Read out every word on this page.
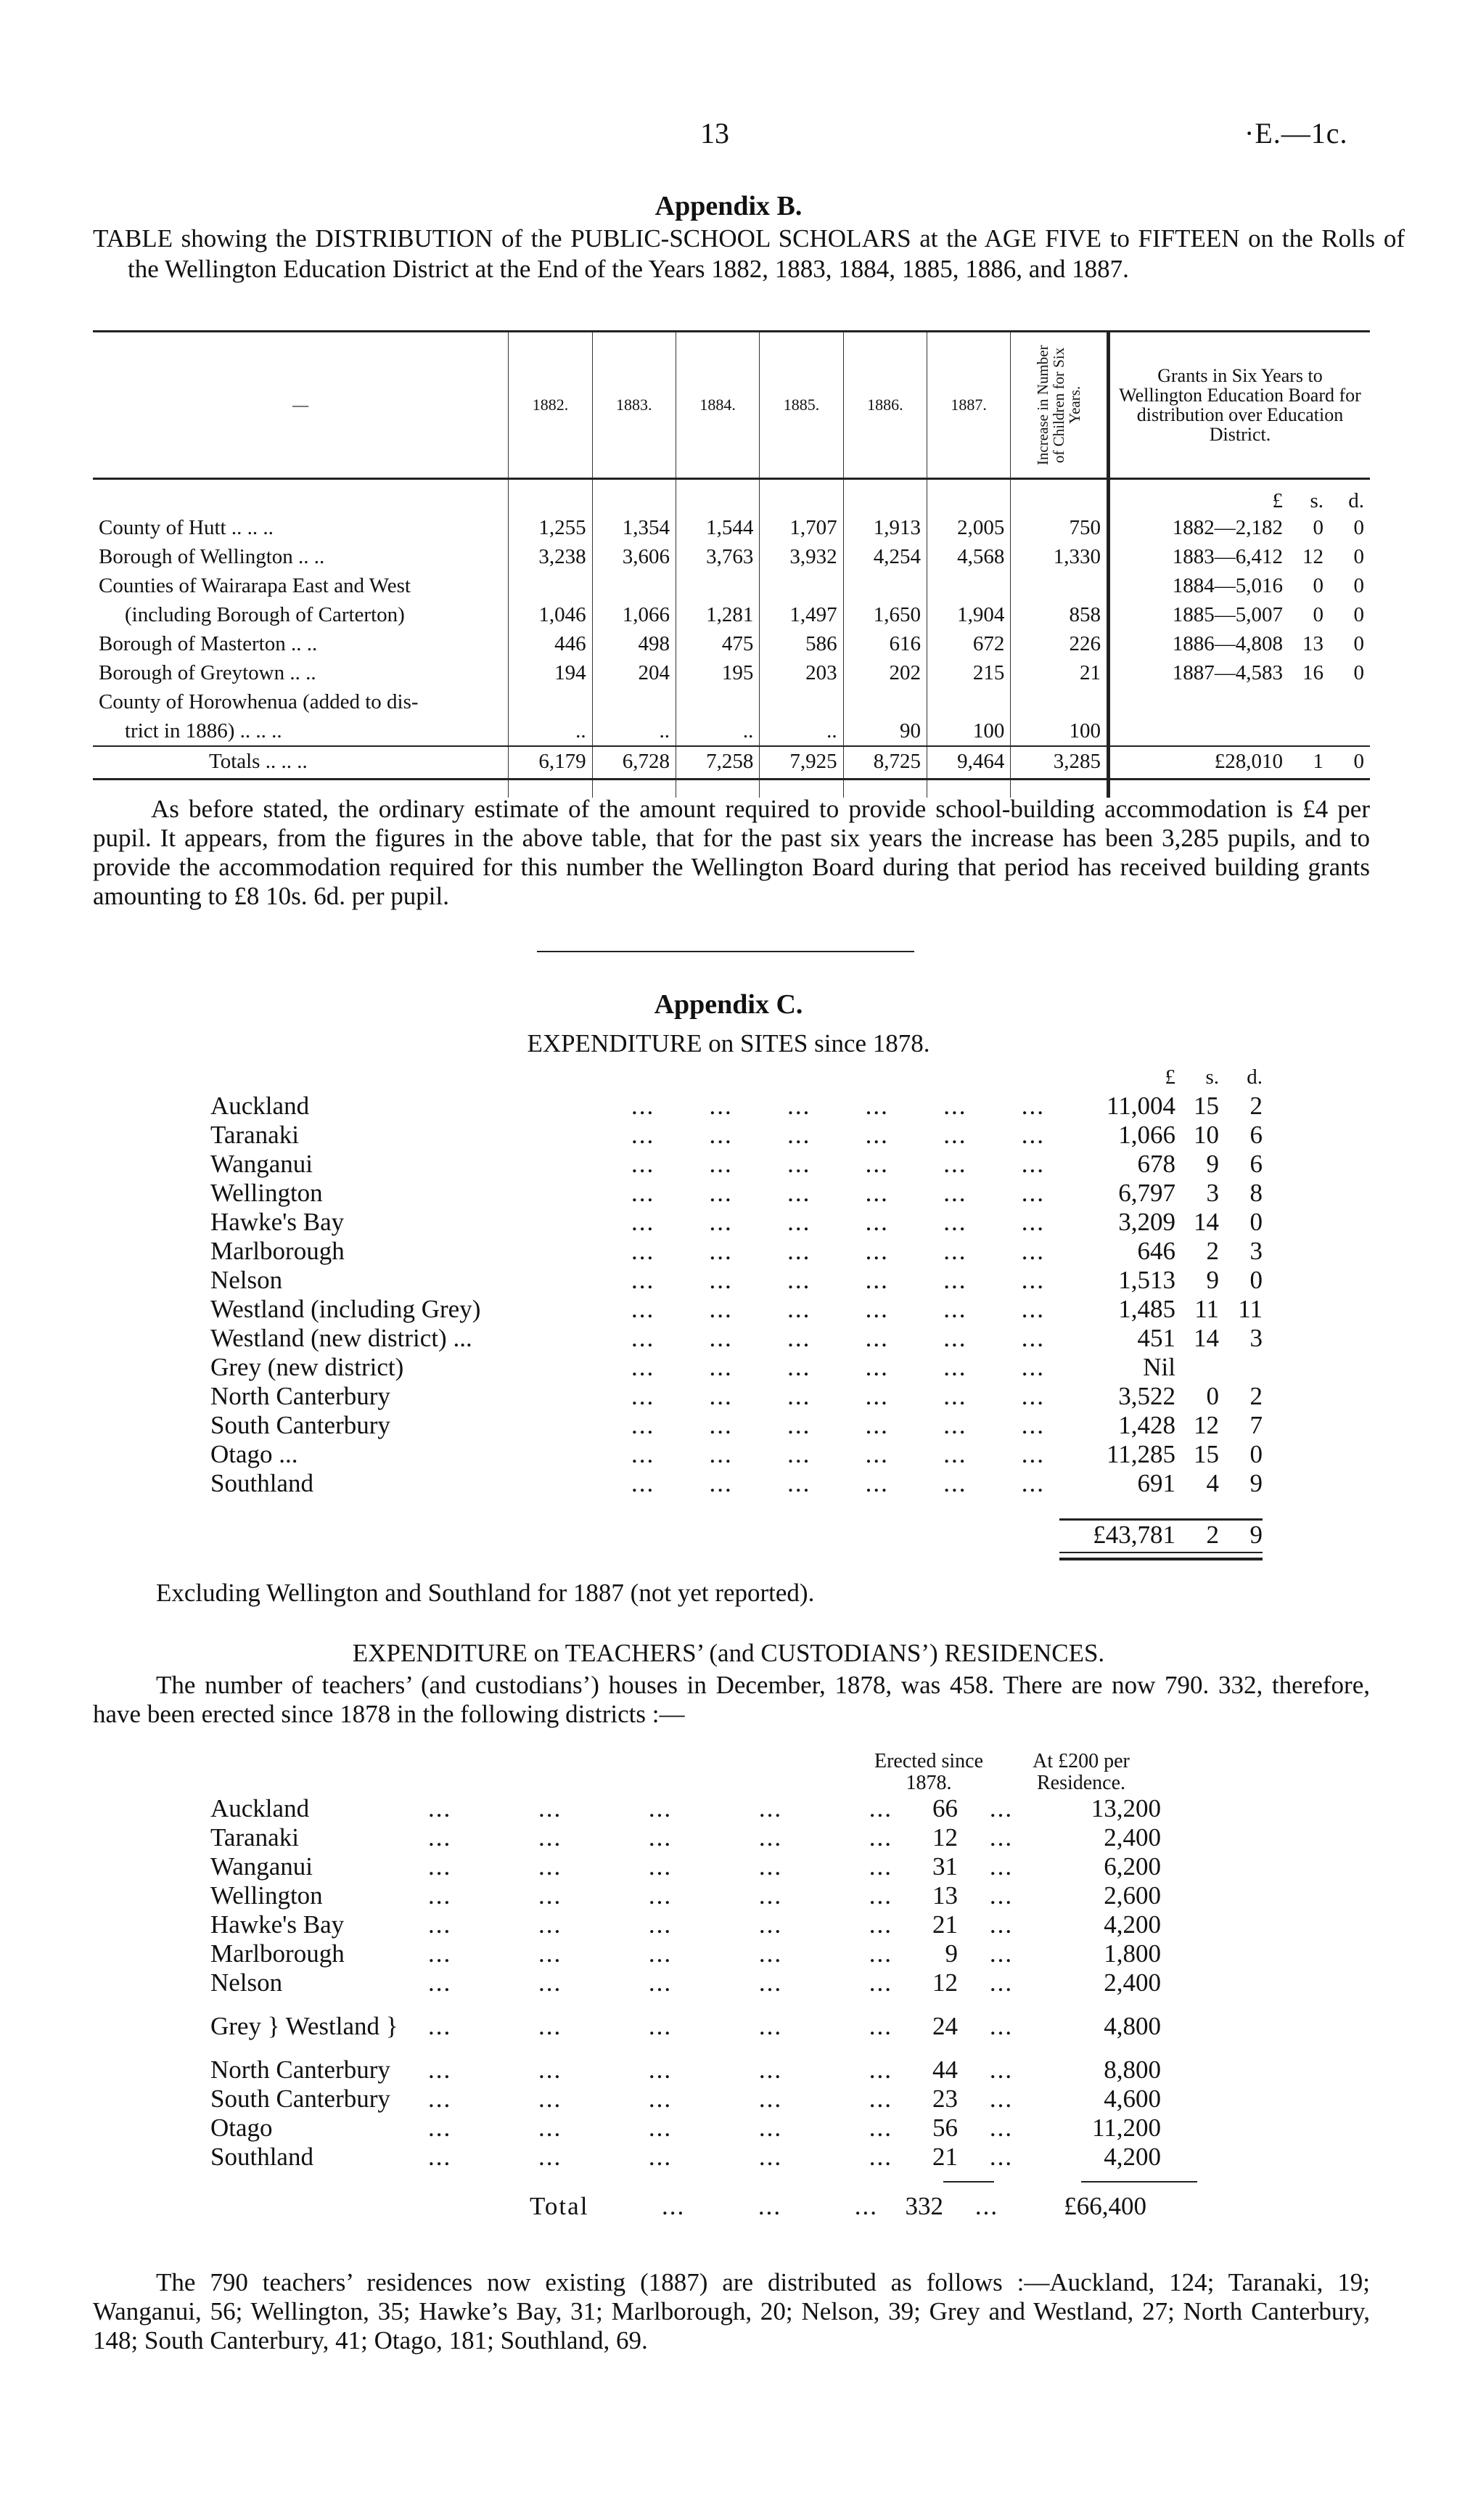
13	·E.—1c.
Appendix B.
TABLE showing the DISTRIBUTION of the PUBLIC-SCHOOL SCHOLARS at the AGE FIVE to FIFTEEN on the Rolls of the Wellington Education District at the End of the Years 1882, 1883, 1884, 1885, 1886, and 1887.
—	1882.	1883.	1884.	1885.	1886.	1887.	Increase in Number of Children for Six Years.	Grants in Six Years to Wellington Education Board for distribution over Education District.

								£ s. d.

County of Hutt .. .. ..	1,255	1,354	1,544	1,707	1,913	2,005	750	1882—2,182 0 0

Borough of Wellington .. ..	3,238	3,606	3,763	3,932	4,254	4,568	1,330	1883—6,412 12 0

Counties of Wairarapa East and West								1884—5,016 0 0

(including Borough of Carterton)	1,046	1,066	1,281	1,497	1,650	1,904	858	1885—5,007 0 0

Borough of Masterton .. ..	446	498	475	586	616	672	226	1886—4,808 13 0

Borough of Greytown .. ..	194	204	195	203	202	215	21	1887—4,583 16 0

County of Horowhenua (added to dis-								
trict in 1886) .. .. ..	..	..	..	..	90	100	100	
Totals .. .. ..	6,179	6,728	7,258	7,925	8,725	9,464	3,285	£28,010 1 0

As before stated, the ordinary estimate of the amount required to provide school-building accommodation is £4 per pupil. It appears, from the figures in the above table, that for the past six years the increase has been 3,285 pupils, and to provide the accommodation required for this number the Wellington Board during that period has received building grants amounting to £8 10s. 6d. per pupil.
Appendix C.
EXPENDITURE on SITES since 1878.
£	s.	d.
Auckland	... ... ... ... ... ...	11,004 15	2
Taranaki	... ... ... ... ... ...	1,066 10	6
Wanganui	... ... ... ... ... ...	678	9	6
Wellington	... ... ... ... ... ...	6,797	3	8
Hawke's Bay	... ... ... ... ... ...	3,209 14	0
Marlborough	... ... ... ... ... ...	646	2	3
Nelson	... ... ... ... ... ...	1,513	9	0
Westland (including Grey)	... ... ... ... ... ...	1,485 11 11
Westland (new district) ...	... ... ... ... ... ...	451 14	3
Grey (new district)	... ... ... ... ... ...	Nil
North Canterbury	... ... ... ... ... ...	3,522	0	2
South Canterbury	... ... ... ... ... ...	1,428 12	7
Otago ...	... ... ... ... ... ...	11,285 15	0
Southland	... ... ... ... ... ...	691	4	9
£43,781	2	9
Excluding Wellington and Southland for 1887 (not yet reported).
EXPENDITURE on TEACHERS’ (and CUSTODIANS’) RESIDENCES.
The number of teachers’ (and custodians’) houses in December, 1878, was 458. There are now 790. 332, therefore, have been erected since 1878 in the following districts :—
Erected since 1878.
At £200 per Residence.
Auckland	...	...	...	...	...	66	...	13,200
Taranaki	...	...	...	...	...	12	...	2,400
Wanganui	...	...	...	...	...	31	...	6,200
Wellington	...	...	...	...	...	13	...	2,600
Hawke's Bay	...	...	...	...	...	21	...	4,200
Marlborough	...	...	...	...	...	9	...	1,800
Nelson	...	...	...	...	...	12	...	2,400
Grey } Westland }	...	...	...	...	...	24	...	4,800
North Canterbury	...	...	...	...	...	44	...	8,800
South Canterbury	...	...	...	...	...	23	...	4,600
Otago	...	...	...	...	...	56	...	11,200
Southland	...	...	...	...	...	21	...	4,200
Total	...	...	...	332	...	£66,400
The 790 teachers’ residences now existing (1887) are distributed as follows :—Auckland, 124; Taranaki, 19; Wanganui, 56; Wellington, 35; Hawke’s Bay, 31; Marlborough, 20; Nelson, 39; Grey and Westland, 27; North Canterbury, 148; South Canterbury, 41; Otago, 181; Southland, 69.
